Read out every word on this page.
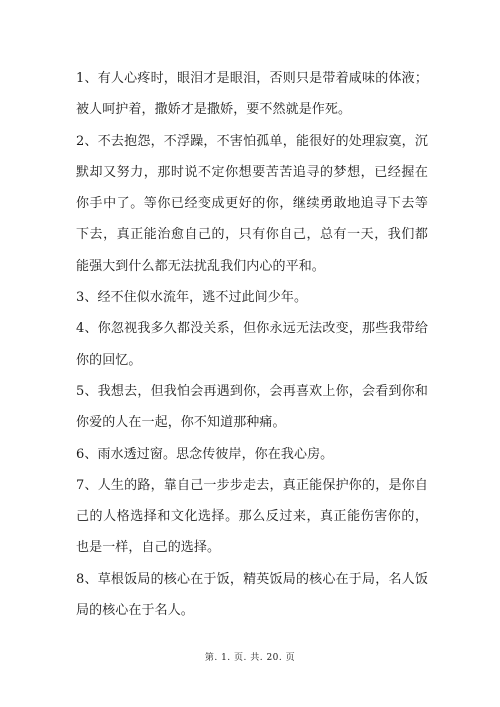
1、有人心疼时，眼泪才是眼泪，否则只是带着咸味的体液；被人呵护着，撒娇才是撒娇，要不然就是作死。

2、不去抱怨，不浮躁，不害怕孤单，能很好的处理寂寞，沉默却又努力，那时说不定你想要苦苦追寻的梦想，已经握在你手中了。等你已经变成更好的你，继续勇敢地追寻下去等下去，真正能治愈自己的，只有你自己，总有一天，我们都能强大到什么都无法扰乱我们内心的平和。

3、经不住似水流年，逃不过此间少年。

4、你忽视我多久都没关系，但你永远无法改变，那些我带给你的回忆。

5、我想去，但我怕会再遇到你，会再喜欢上你，会看到你和你爱的人在一起，你不知道那种痛。

6、雨水透过窗。思念传彼岸，你在我心房。

7、人生的路，靠自己一步步走去，真正能保护你的，是你自己的人格选择和文化选择。那么反过来，真正能伤害你的，也是一样，自己的选择。

8、草根饭局的核心在于饭，精英饭局的核心在于局，名人饭局的核心在于名人。

第. 1. 页. 共. 20. 页
